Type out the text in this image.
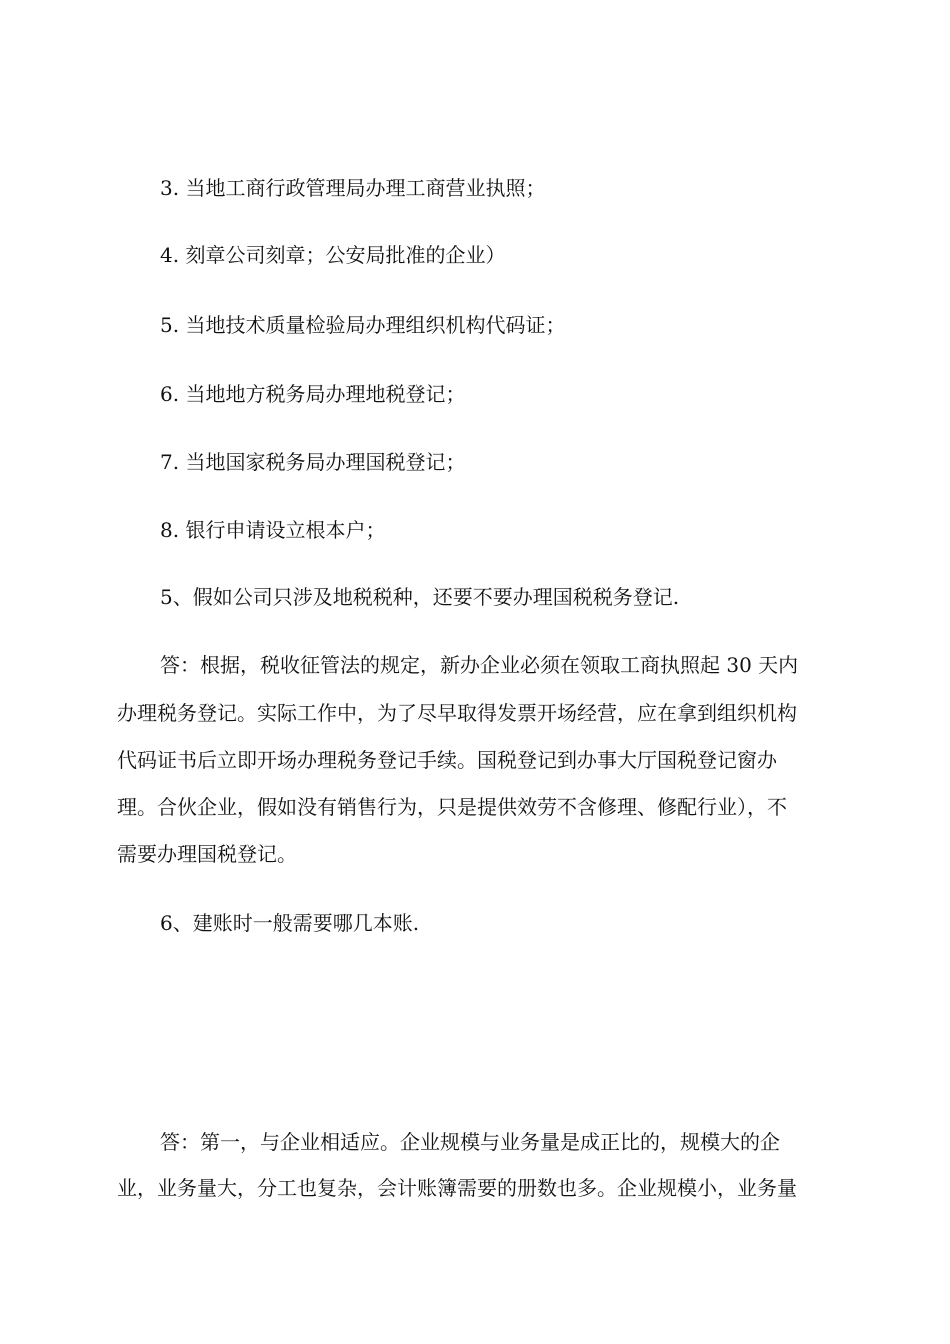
3. 当地工商行政管理局办理工商营业执照；
4. 刻章公司刻章；公安局批准的企业）
5. 当地技术质量检验局办理组织机构代码证；
6. 当地地方税务局办理地税登记；
7. 当地国家税务局办理国税登记；
8. 银行申请设立根本户；
5、假如公司只涉及地税税种，还要不要办理国税税务登记.
答：根据，税收征管法的规定，新办企业必须在领取工商执照起 30 天内
办理税务登记。实际工作中，为了尽早取得发票开场经营，应在拿到组织机构
代码证书后立即开场办理税务登记手续。国税登记到办事大厅国税登记窗办
理。合伙企业，假如没有销售行为，只是提供效劳不含修理、修配行业），不
需要办理国税登记。
6、建账时一般需要哪几本账.
答：第一，与企业相适应。企业规模与业务量是成正比的，规模大的企
业，业务量大，分工也复杂，会计账簿需要的册数也多。企业规模小，业务量
